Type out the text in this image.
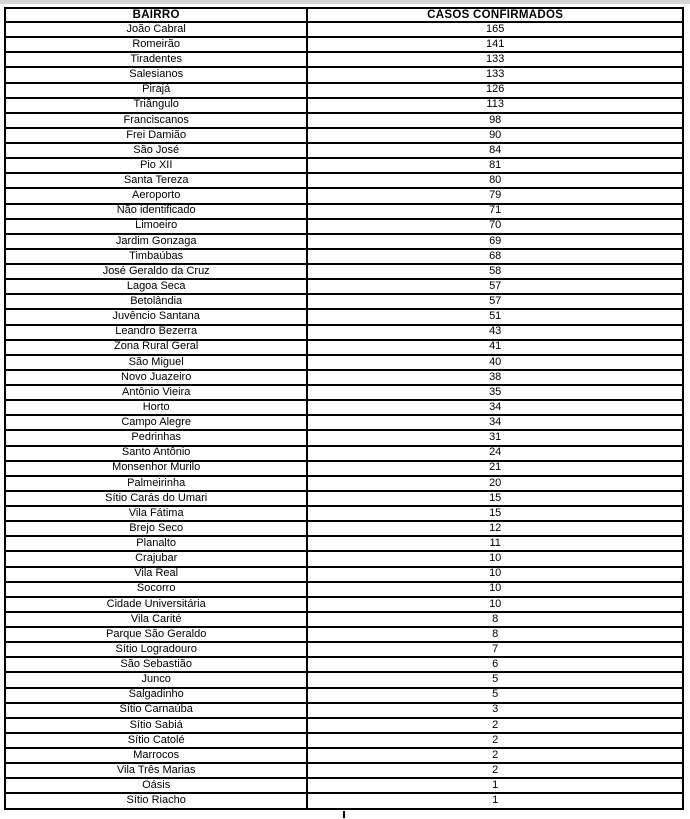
BAIRRO	CASOS CONFIRMADOS
João Cabral	165
Romeirão	141
Tiradentes	133
Salesianos	133
Pirajá	126
Triângulo	113
Franciscanos	98
Frei Damião	90
São José	84
Pio XII	81
Santa Tereza	80
Aeroporto	79
Não identificado	71
Limoeiro	70
Jardim Gonzaga	69
Timbaúbas	68
José Geraldo da Cruz	58
Lagoa Seca	57
Betolândia	57
Juvêncio Santana	51
Leandro Bezerra	43
Zona Rural Geral	41
São Miguel	40
Novo Juazeiro	38
Antônio Vieira	35
Horto	34
Campo Alegre	34
Pedrinhas	31
Santo Antônio	24
Monsenhor Murilo	21
Palmeirinha	20
Sítio Carás do Umari	15
Vila Fátima	15
Brejo Seco	12
Planalto	11
Crajubar	10
Vila Real	10
Socorro	10
Cidade Universitária	10
Vila Carité	8
Parque São Geraldo	8
Sítio Logradouro	7
São Sebastião	6
Junco	5
Salgadinho	5
Sítio Carnaúba	3
Sítio Sabiá	2
Sítio Catolé	2
Marrocos	2
Vila Três Marias	2
Oásis	1
Sítio Riacho	1
